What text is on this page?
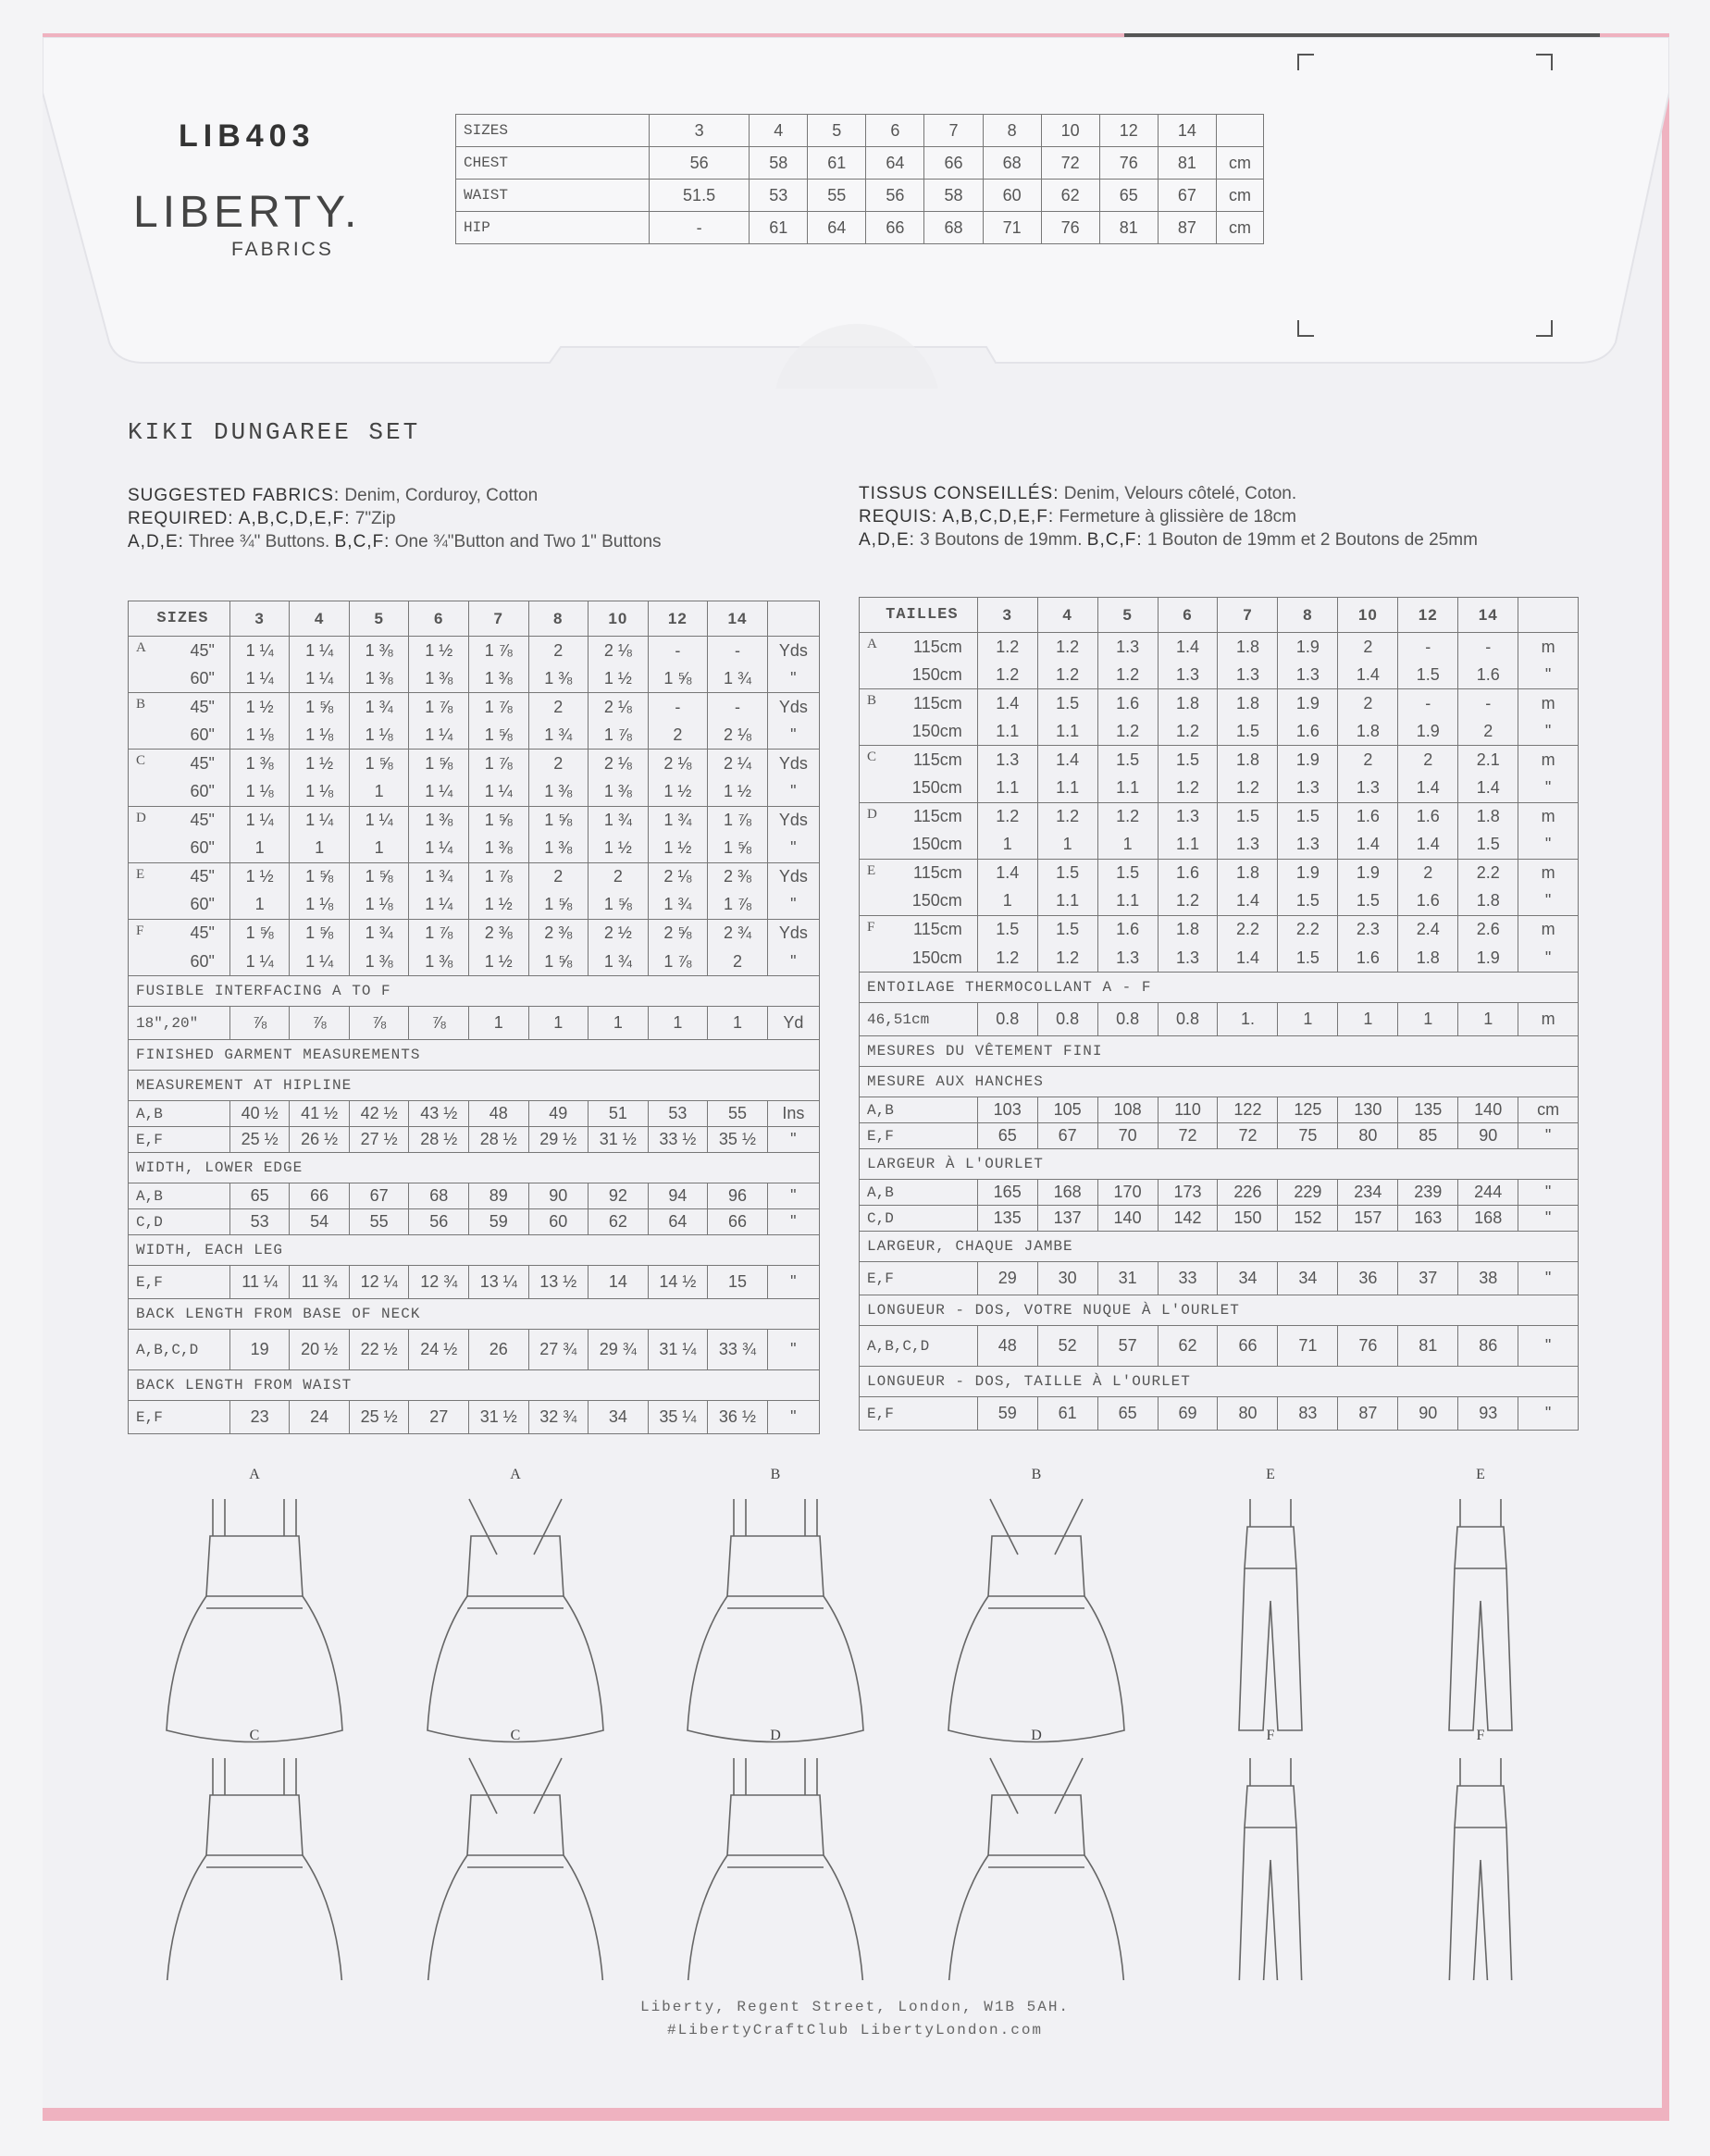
LIB403
LIBERTY.
FABRICS
SIZES	3	4	5	6	7	8	10	12	14	
CHEST	56	58	61	64	66	68	72	76	81	cm
WAIST	51.5	53	55	56	58	60	62	65	67	cm
HIP	-	61	64	66	68	71	76	81	87	cm
KIKI DUNGAREE SET
SUGGESTED FABRICS: Denim, Corduroy, Cotton
REQUIRED: A,B,C,D,E,F: 7"Zip
A,D,E: Three ¾" Buttons. B,C,F: One ¾"Button and Two 1" Buttons
TISSUS CONSEILLÉS: Denim, Velours côtelé, Coton.
REQUIS: A,B,C,D,E,F: Fermeture à glissière de 18cm
A,D,E: 3 Boutons de 19mm. B,C,F: 1 Bouton de 19mm et 2 Boutons de 25mm
SIZES	3	4	5	6	7	8	10	12	14	

A 45"	1 ¼	1 ¼	1 ⅜	1 ½	1 ⅞	2	2 ⅛	-	-	Yds

60"	1 ¼	1 ¼	1 ⅜	1 ⅜	1 ⅜	1 ⅜	1 ½	1 ⅝	1 ¾	"

B 45"	1 ½	1 ⅝	1 ¾	1 ⅞	1 ⅞	2	2 ⅛	-	-	Yds

60"	1 ⅛	1 ⅛	1 ⅛	1 ¼	1 ⅝	1 ¾	1 ⅞	2	2 ⅛	"

C 45"	1 ⅜	1 ½	1 ⅝	1 ⅝	1 ⅞	2	2 ⅛	2 ⅛	2 ¼	Yds

60"	1 ⅛	1 ⅛	1	1 ¼	1 ¼	1 ⅜	1 ⅜	1 ½	1 ½	"

D 45"	1 ¼	1 ¼	1 ¼	1 ⅜	1 ⅝	1 ⅝	1 ¾	1 ¾	1 ⅞	Yds

60"	1	1	1	1 ¼	1 ⅜	1 ⅜	1 ½	1 ½	1 ⅝	"

E 45"	1 ½	1 ⅝	1 ⅝	1 ¾	1 ⅞	2	2	2 ⅛	2 ⅜	Yds

60"	1	1 ⅛	1 ⅛	1 ¼	1 ½	1 ⅝	1 ⅝	1 ¾	1 ⅞	"

F 45"	1 ⅝	1 ⅝	1 ¾	1 ⅞	2 ⅜	2 ⅜	2 ½	2 ⅝	2 ¾	Yds

60"	1 ¼	1 ¼	1 ⅜	1 ⅜	1 ½	1 ⅝	1 ¾	1 ⅞	2	"
FUSIBLE INTERFACING A TO F										
18",20"	⅞	⅞	⅞	⅞	1	1	1	1	1	Yd
FINISHED GARMENT MEASUREMENTS										
MEASUREMENT AT HIPLINE										
A,B	40 ½	41 ½	42 ½	43 ½	48	49	51	53	55	Ins
E,F	25 ½	26 ½	27 ½	28 ½	28 ½	29 ½	31 ½	33 ½	35 ½	"
WIDTH, LOWER EDGE										
A,B	65	66	67	68	89	90	92	94	96	"
C,D	53	54	55	56	59	60	62	64	66	"
WIDTH, EACH LEG										
E,F	11 ¼	11 ¾	12 ¼	12 ¾	13 ¼	13 ½	14	14 ½	15	"
BACK LENGTH FROM BASE OF NECK										
A,B,C,D	19	20 ½	22 ½	24 ½	26	27 ¾	29 ¾	31 ¼	33 ¾	"
BACK LENGTH FROM WAIST										
E,F	23	24	25 ½	27	31 ½	32 ¾	34	35 ¼	36 ½	"
TAILLES	3	4	5	6	7	8	10	12	14	

A 115cm	1.2	1.2	1.3	1.4	1.8	1.9	2	-	-	m

150cm	1.2	1.2	1.2	1.3	1.3	1.3	1.4	1.5	1.6	"

B 115cm	1.4	1.5	1.6	1.8	1.8	1.9	2	-	-	m

150cm	1.1	1.1	1.2	1.2	1.5	1.6	1.8	1.9	2	"

C 115cm	1.3	1.4	1.5	1.5	1.8	1.9	2	2	2.1	m

150cm	1.1	1.1	1.1	1.2	1.2	1.3	1.3	1.4	1.4	"

D 115cm	1.2	1.2	1.2	1.3	1.5	1.5	1.6	1.6	1.8	m

150cm	1	1	1	1.1	1.3	1.3	1.4	1.4	1.5	"

E 115cm	1.4	1.5	1.5	1.6	1.8	1.9	1.9	2	2.2	m

150cm	1	1.1	1.1	1.2	1.4	1.5	1.5	1.6	1.8	"

F 115cm	1.5	1.5	1.6	1.8	2.2	2.2	2.3	2.4	2.6	m

150cm	1.2	1.2	1.3	1.3	1.4	1.5	1.6	1.8	1.9	"
ENTOILAGE THERMOCOLLANT A - F										
46,51cm	0.8	0.8	0.8	0.8	1.	1	1	1	1	m
MESURES DU VÊTEMENT FINI										
MESURE AUX HANCHES										
A,B	103	105	108	110	122	125	130	135	140	cm
E,F	65	67	70	72	72	75	80	85	90	"
LARGEUR À L'OURLET										
A,B	165	168	170	173	226	229	234	239	244	"
C,D	135	137	140	142	150	152	157	163	168	"
LARGEUR, CHAQUE JAMBE										
E,F	29	30	31	33	34	34	36	37	38	"
LONGUEUR - DOS, VOTRE NUQUE À L'OURLET										
A,B,C,D	48	52	57	62	66	71	76	81	86	"
LONGUEUR - DOS, TAILLE À L'OURLET										
E,F	59	61	65	69	80	83	87	90	93	"
A
C
A
C
B
D
B
D
E
F
E
F
Liberty, Regent Street, London, W1B 5AH.
#LibertyCraftClub LibertyLondon.com
